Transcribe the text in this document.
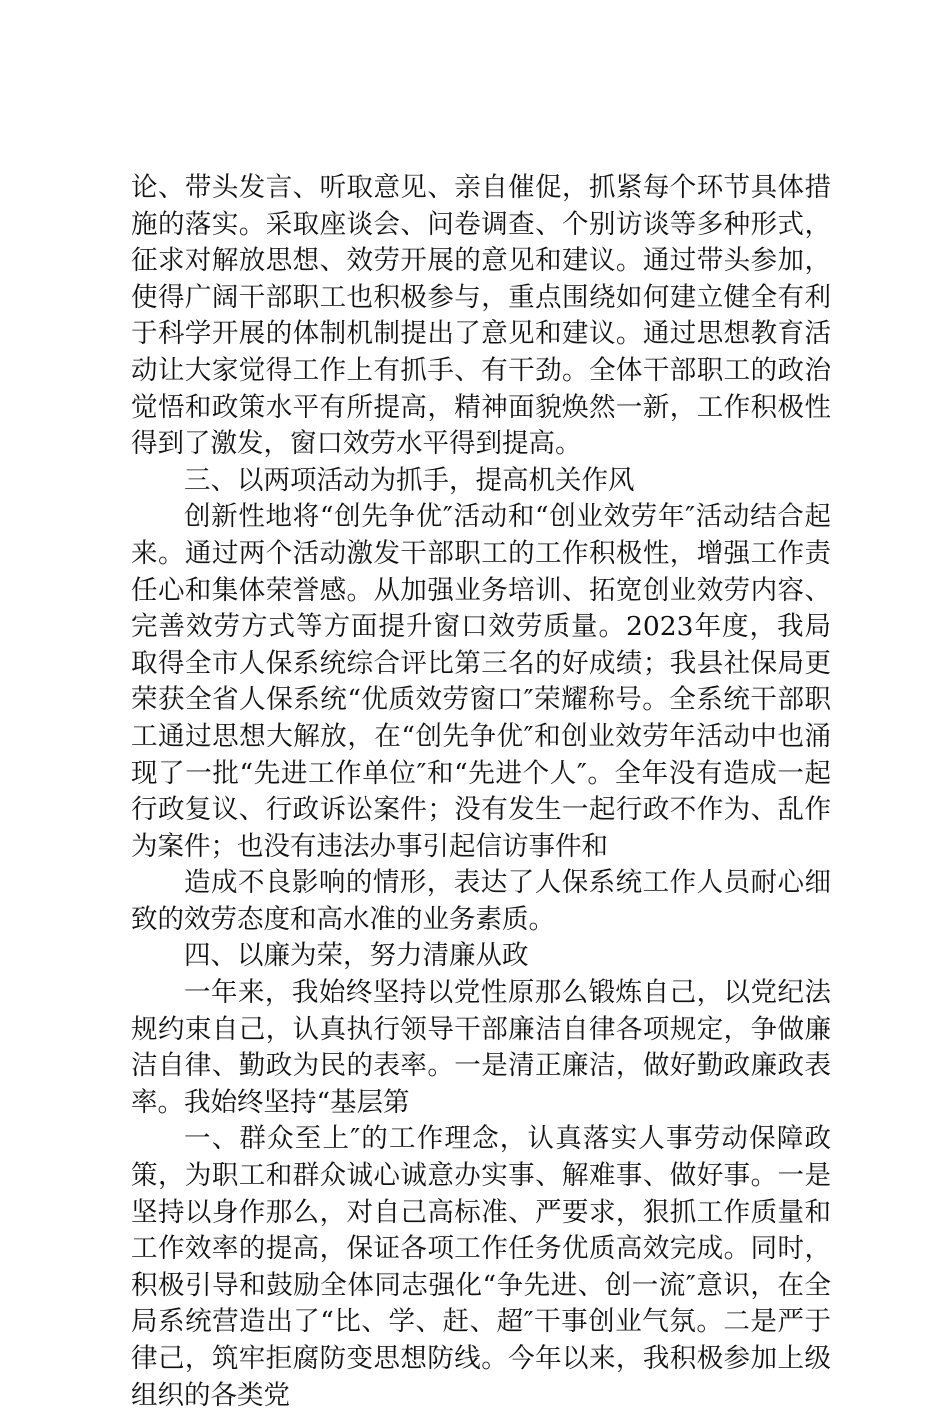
论、带头发言、听取意见、亲自催促，抓紧每个环节具体措施的落实。采取座谈会、问卷调查、个别访谈等多种形式，征求对解放思想、效劳开展的意见和建议。通过带头参加，使得广阔干部职工也积极参与，重点围绕如何建立健全有利于科学开展的体制机制提出了意见和建议。通过思想教育活动让大家觉得工作上有抓手、有干劲。全体干部职工的政治觉悟和政策水平有所提高，精神面貌焕然一新，工作积极性得到了激发，窗口效劳水平得到提高。

三、以两项活动为抓手，提高机关作风

创新性地将“创先争优″活动和“创业效劳年″活动结合起来。通过两个活动激发干部职工的工作积极性，增强工作责任心和集体荣誉感。从加强业务培训、拓宽创业效劳内容、完善效劳方式等方面提升窗口效劳质量。2023年度，我局取得全市人保系统综合评比第三名的好成绩；我县社保局更荣获全省人保系统“优质效劳窗口″荣耀称号。全系统干部职工通过思想大解放，在“创先争优″和创业效劳年活动中也涌现了一批“先进工作单位″和“先进个人″。全年没有造成一起行政复议、行政诉讼案件；没有发生一起行政不作为、乱作为案件；也没有违法办事引起信访事件和

造成不良影响的情形，表达了人保系统工作人员耐心细致的效劳态度和高水准的业务素质。

四、以廉为荣，努力清廉从政

一年来，我始终坚持以党性原那么锻炼自己，以党纪法规约束自己，认真执行领导干部廉洁自律各项规定，争做廉洁自律、勤政为民的表率。一是清正廉洁，做好勤政廉政表率。我始终坚持“基层第

一、群众至上″的工作理念，认真落实人事劳动保障政策，为职工和群众诚心诚意办实事、解难事、做好事。一是坚持以身作那么，对自己高标准、严要求，狠抓工作质量和工作效率的提高，保证各项工作任务优质高效完成。同时，积极引导和鼓励全体同志强化“争先进、创一流″意识，在全局系统营造出了“比、学、赶、超″干事创业气氛。二是严于律己，筑牢拒腐防变思想防线。今年以来，我积极参加上级组织的各类党
